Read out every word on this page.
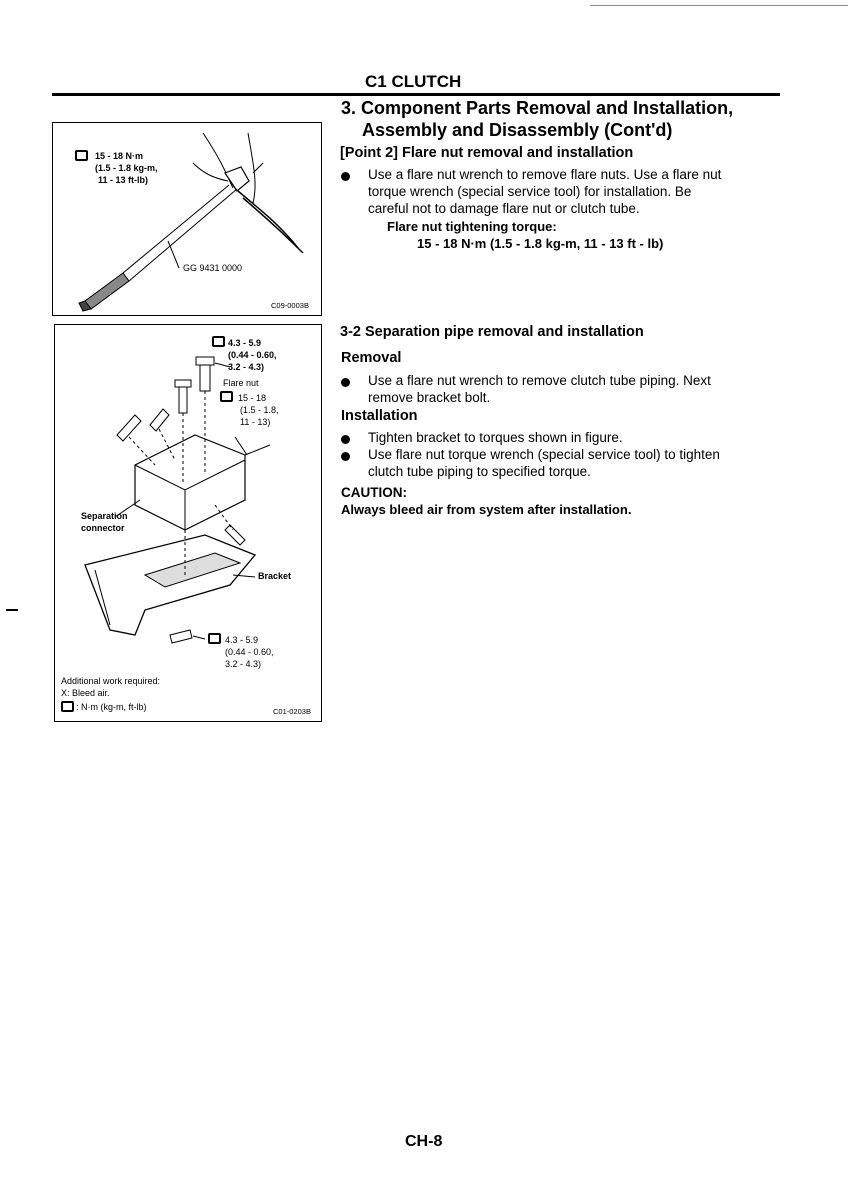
C1 CLUTCH
3. Component Parts Removal and Installation,
Assembly and Disassembly (Cont'd)
[Point 2] Flare nut removal and installation
Use a flare nut wrench to remove flare nuts. Use a flare nut
torque wrench (special service tool) for installation. Be
careful not to damage flare nut or clutch tube.
Flare nut tightening torque:
15 - 18 N·m (1.5 - 1.8 kg-m, 11 - 13 ft - lb)
3-2 Separation pipe removal and installation
Removal
Use a flare nut wrench to remove clutch tube piping. Next
remove bracket bolt.
Installation
Tighten bracket to torques shown in figure.
Use flare nut torque wrench (special service tool) to tighten
clutch tube piping to specified torque.
CAUTION:
Always bleed air from system after installation.
15 - 18 N·m
(1.5 - 1.8 kg-m,
11 - 13 ft-lb)
GG 9431 0000
C09-0003B
4.3 - 5.9
(0.44 - 0.60,
3.2 - 4.3)
Flare nut
15 - 18
(1.5 - 1.8,
11 - 13)
Separation
connector
Bracket
4.3 - 5.9
(0.44 - 0.60,
3.2 - 4.3)
Additional work required:
X: Bleed air.
: N·m (kg-m, ft-lb)	C01-0203B
CH-8
